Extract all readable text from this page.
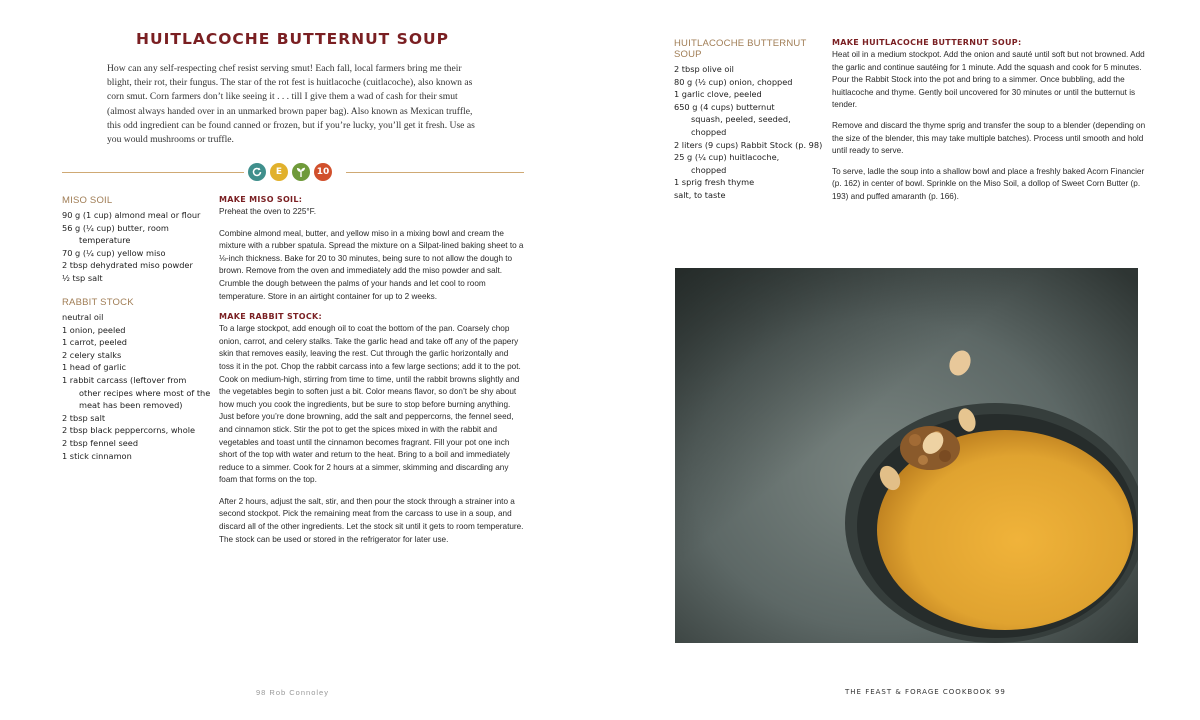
HUITLACOCHE BUTTERNUT SOUP
How can any self-respecting chef resist serving smut! Each fall, local farmers bring me their blight, their rot, their fungus. The star of the rot fest is huitlacoche (cuitlacoche), also known as corn smut. Corn farmers don’t like seeing it . . . till I give them a wad of cash for their smut (almost always handed over in an unmarked brown paper bag). Also known as Mexican truffle, this odd ingredient can be found canned or frozen, but if you’re lucky, you’ll get it fresh. Use as you would mushrooms or truffle.
E	10
MISO SOIL
90 g (1 cup) almond meal or flour
56 g (¼ cup) butter, room
temperature
70 g (¼ cup) yellow miso
2 tbsp dehydrated miso powder
½ tsp salt
RABBIT STOCK
neutral oil
1 onion, peeled
1 carrot, peeled
2 celery stalks
1 head of garlic
1 rabbit carcass (leftover from
other recipes where most of the meat has been removed)
2 tbsp salt
2 tbsp black peppercorns, whole
2 tbsp fennel seed
1 stick cinnamon
MAKE MISO SOIL:

Preheat the oven to 225°F.

Combine almond meal, butter, and yellow miso in a mixing bowl and cream the mixture with a rubber spatula. Spread the mixture on a Silpat-lined baking sheet to a ⅛-inch thickness. Bake for 20 to 30 minutes, being sure to not allow the dough to brown. Remove from the oven and immediately add the miso powder and salt. Crumble the dough between the palms of your hands and let cool to room temperature. Store in an airtight container for up to 2 weeks.

MAKE RABBIT STOCK:

To a large stockpot, add enough oil to coat the bottom of the pan. Coarsely chop onion, carrot, and celery stalks. Take the garlic head and take off any of the papery skin that removes easily, leaving the rest. Cut through the garlic horizontally and toss it in the pot. Chop the rabbit carcass into a few large sections; add it to the pot. Cook on medium-high, stirring from time to time, until the rabbit browns slightly and the vegetables begin to soften just a bit. Color means flavor, so don’t be shy about how much you cook the ingredients, but be sure to stop before burning anything. Just before you’re done browning, add the salt and peppercorns, the fennel seed, and cinnamon stick. Stir the pot to get the spices mixed in with the rabbit and vegetables and toast until the cinnamon becomes fragrant. Fill your pot one inch short of the top with water and return to the heat. Bring to a boil and immediately reduce to a simmer. Cook for 2 hours at a simmer, skimming and discarding any foam that forms on the top.

After 2 hours, adjust the salt, stir, and then pour the stock through a strainer into a second stockpot. Pick the remaining meat from the carcass to use in a soup, and discard all of the other ingredients. Let the stock sit until it gets to room temperature. The stock can be used or stored in the refrigerator for later use.

98 Rob Connoley
HUITLACOCHE BUTTERNUT SOUP
2 tbsp olive oil
80 g (½ cup) onion, chopped
1 garlic clove, peeled
650 g (4 cups) butternut
squash, peeled, seeded, chopped
2 liters (9 cups) Rabbit Stock (p. 98)
25 g (¼ cup) huitlacoche,
chopped
1 sprig fresh thyme
salt, to taste
MAKE HUITLACOCHE BUTTERNUT SOUP:

Heat oil in a medium stockpot. Add the onion and sauté until soft but not browned. Add the garlic and continue sautéing for 1 minute. Add the squash and cook for 5 minutes. Pour the Rabbit Stock into the pot and bring to a simmer. Once bubbling, add the huitlacoche and thyme. Gently boil uncovered for 30 minutes or until the butternut is tender.

Remove and discard the thyme sprig and transfer the soup to a blender (depending on the size of the blender, this may take multiple batches). Process until smooth and hold until ready to serve.

To serve, ladle the soup into a shallow bowl and place a freshly baked Acorn Financier (p. 162) in center of bowl. Sprinkle on the Miso Soil, a dollop of Sweet Corn Butter (p. 193) and puffed amaranth (p. 166).

THE FEAST & FORAGE COOKBOOK 99
